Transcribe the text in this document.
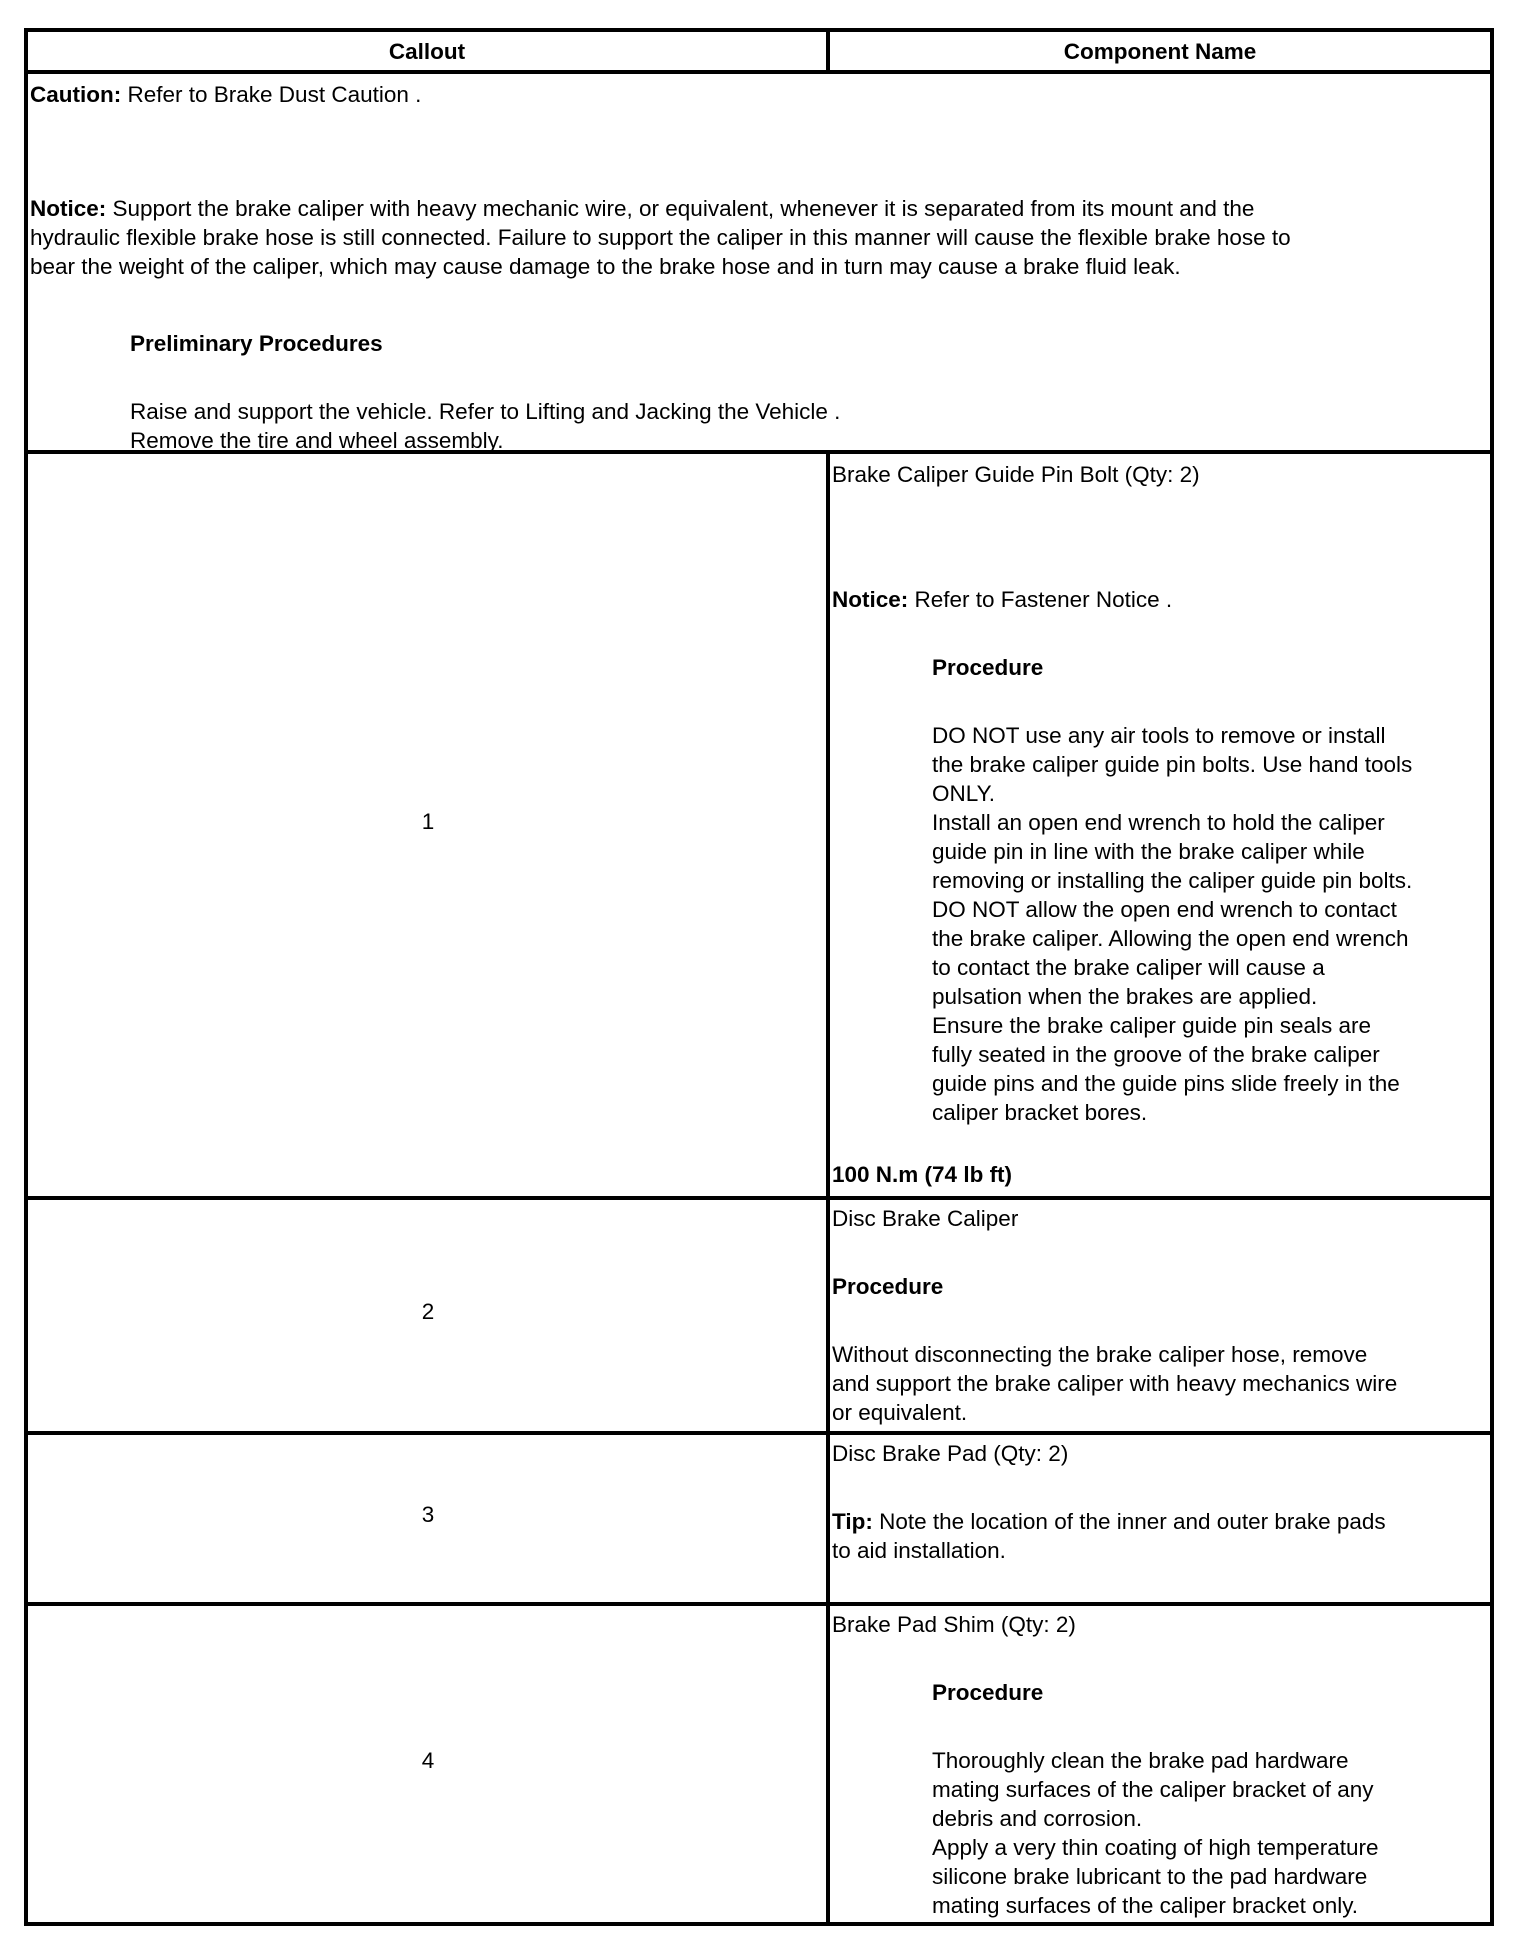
Callout	Component Name
Caution: Refer to Brake Dust Caution .

Notice: Support the brake caliper with heavy mechanic wire, or equivalent, whenever it is separated from its mount and the

hydraulic flexible brake hose is still connected. Failure to support the caliper in this manner will cause the flexible brake hose to

bear the weight of the caliper, which may cause damage to the brake hose and in turn may cause a brake fluid leak.

Preliminary Procedures

Raise and support the vehicle. Refer to Lifting and Jacking the Vehicle .

Remove the tire and wheel assembly.

1
Brake Caliper Guide Pin Bolt (Qty: 2)
Notice: Refer to Fastener Notice .
Procedure

DO NOT use any air tools to remove or install

the brake caliper guide pin bolts. Use hand tools

ONLY.

Install an open end wrench to hold the caliper

guide pin in line with the brake caliper while

removing or installing the caliper guide pin bolts.

DO NOT allow the open end wrench to contact

the brake caliper. Allowing the open end wrench

to contact the brake caliper will cause a

pulsation when the brakes are applied.

Ensure the brake caliper guide pin seals are

fully seated in the groove of the brake caliper

guide pins and the guide pins slide freely in the

caliper bracket bores.

100 N.m (74 lb ft)
2
Disc Brake Caliper
Procedure

Without disconnecting the brake caliper hose, remove

and support the brake caliper with heavy mechanics wire

or equivalent.

3
Disc Brake Pad (Qty: 2)

Tip: Note the location of the inner and outer brake pads

to aid installation.

4
Brake Pad Shim (Qty: 2)
Procedure

Thoroughly clean the brake pad hardware

mating surfaces of the caliper bracket of any

debris and corrosion.

Apply a very thin coating of high temperature

silicone brake lubricant to the pad hardware

mating surfaces of the caliper bracket only.
